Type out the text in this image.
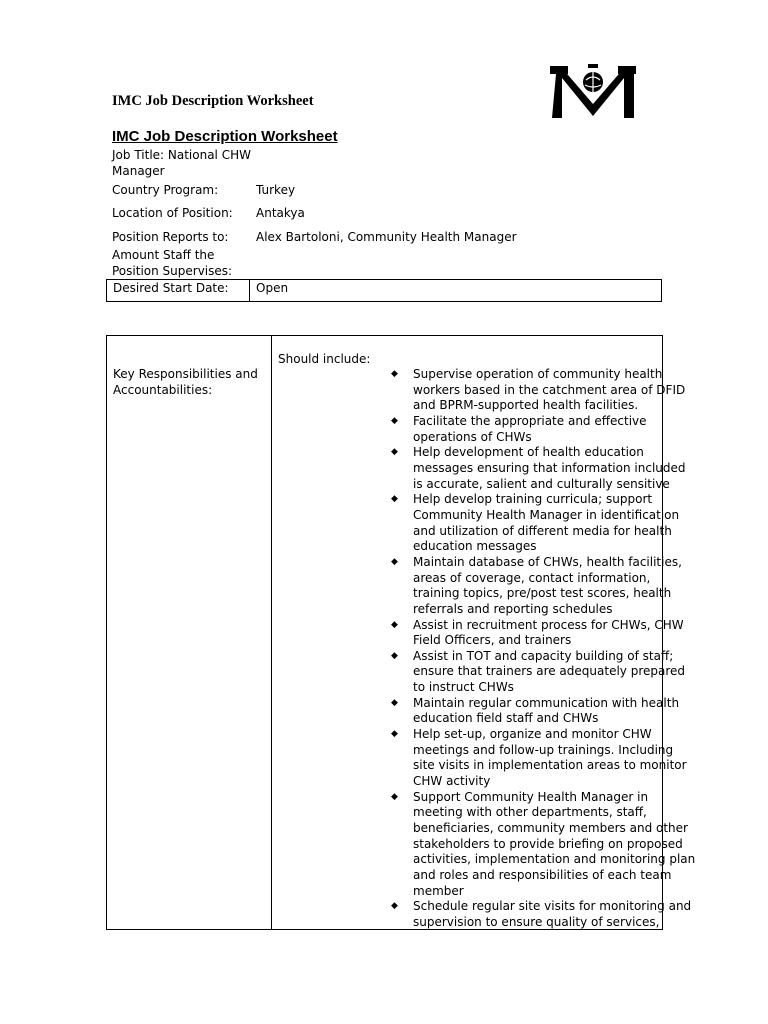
IMC Job Description Worksheet
IMC Job Description Worksheet
Job Title: National CHW Manager
Country Program:	Turkey
Location of Position:	Antakya
Position Reports to:	Alex Bartoloni, Community Health Manager
Amount Staff the Position Supervises:
Desired Start Date: Open
Key Responsibilities and Accountabilities:
Should include:
◆ Supervise operation of community health
workers based in the catchment area of DFID
and BPRM-supported health facilities.
◆ Facilitate the appropriate and effective
operations of CHWs
◆ Help development of health education
messages ensuring that information included
is accurate, salient and culturally sensitive
◆ Help develop training curricula; support
Community Health Manager in identification
and utilization of different media for health
education messages
◆ Maintain database of CHWs, health facilities,
areas of coverage, contact information,
training topics, pre/post test scores, health
referrals and reporting schedules
◆ Assist in recruitment process for CHWs, CHW
Field Officers, and trainers
◆ Assist in TOT and capacity building of staff;
ensure that trainers are adequately prepared
to instruct CHWs
◆ Maintain regular communication with health
education field staff and CHWs
◆ Help set-up, organize and monitor CHW
meetings and follow-up trainings. Including
site visits in implementation areas to monitor
CHW activity
◆ Support Community Health Manager in
meeting with other departments, staff,
beneficiaries, community members and other
stakeholders to provide briefing on proposed
activities, implementation and monitoring plan
and roles and responsibilities of each team
member
◆ Schedule regular site visits for monitoring and
supervision to ensure quality of services,
